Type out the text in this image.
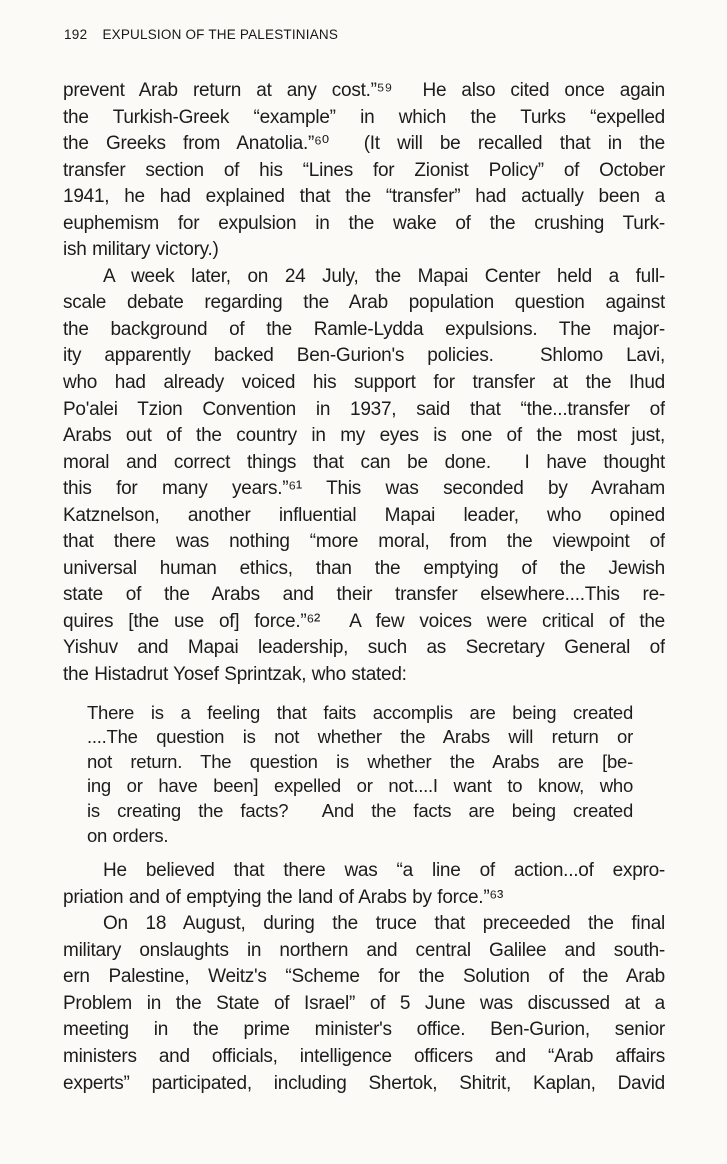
192 EXPULSION OF THE PALESTINIANS
prevent Arab return at any cost.”⁵⁹  He also cited once again
the Turkish-Greek “example” in which the Turks “expelled
the Greeks from Anatolia.”⁶⁰  (It will be recalled that in the
transfer section of his “Lines for Zionist Policy” of October
1941, he had explained that the “transfer” had actually been a
euphemism for expulsion in the wake of the crushing Turk-
ish military victory.)
A week later, on 24 July, the Mapai Center held a full-
scale debate regarding the Arab population question against
the background of the Ramle-Lydda expulsions. The major-
ity apparently backed Ben-Gurion's policies.  Shlomo Lavi,
who had already voiced his support for transfer at the Ihud
Po'alei Tzion Convention in 1937, said that “the...transfer of
Arabs out of the country in my eyes is one of the most just,
moral and correct things that can be done.  I have thought
this for many years.”⁶¹ This was seconded by Avraham
Katznelson, another influential Mapai leader, who opined
that there was nothing “more moral, from the viewpoint of
universal human ethics, than the emptying of the Jewish
state of the Arabs and their transfer elsewhere....This re-
quires [the use of] force.”⁶²  A few voices were critical of the
Yishuv and Mapai leadership, such as Secretary General of
the Histadrut Yosef Sprintzak, who stated:
There is a feeling that faits accomplis are being created
....The question is not whether the Arabs will return or
not return. The question is whether the Arabs are [be-
ing or have been] expelled or not....I want to know, who
is creating the facts?  And the facts are being created
on orders.
He believed that there was “a line of action...of expro-
priation and of emptying the land of Arabs by force.”⁶³
On 18 August, during the truce that preceeded the final
military onslaughts in northern and central Galilee and south-
ern Palestine, Weitz's “Scheme for the Solution of the Arab
Problem in the State of Israel” of 5 June was discussed at a
meeting in the prime minister's office. Ben-Gurion, senior
ministers and officials, intelligence officers and “Arab affairs
experts” participated, including Shertok, Shitrit, Kaplan, David
